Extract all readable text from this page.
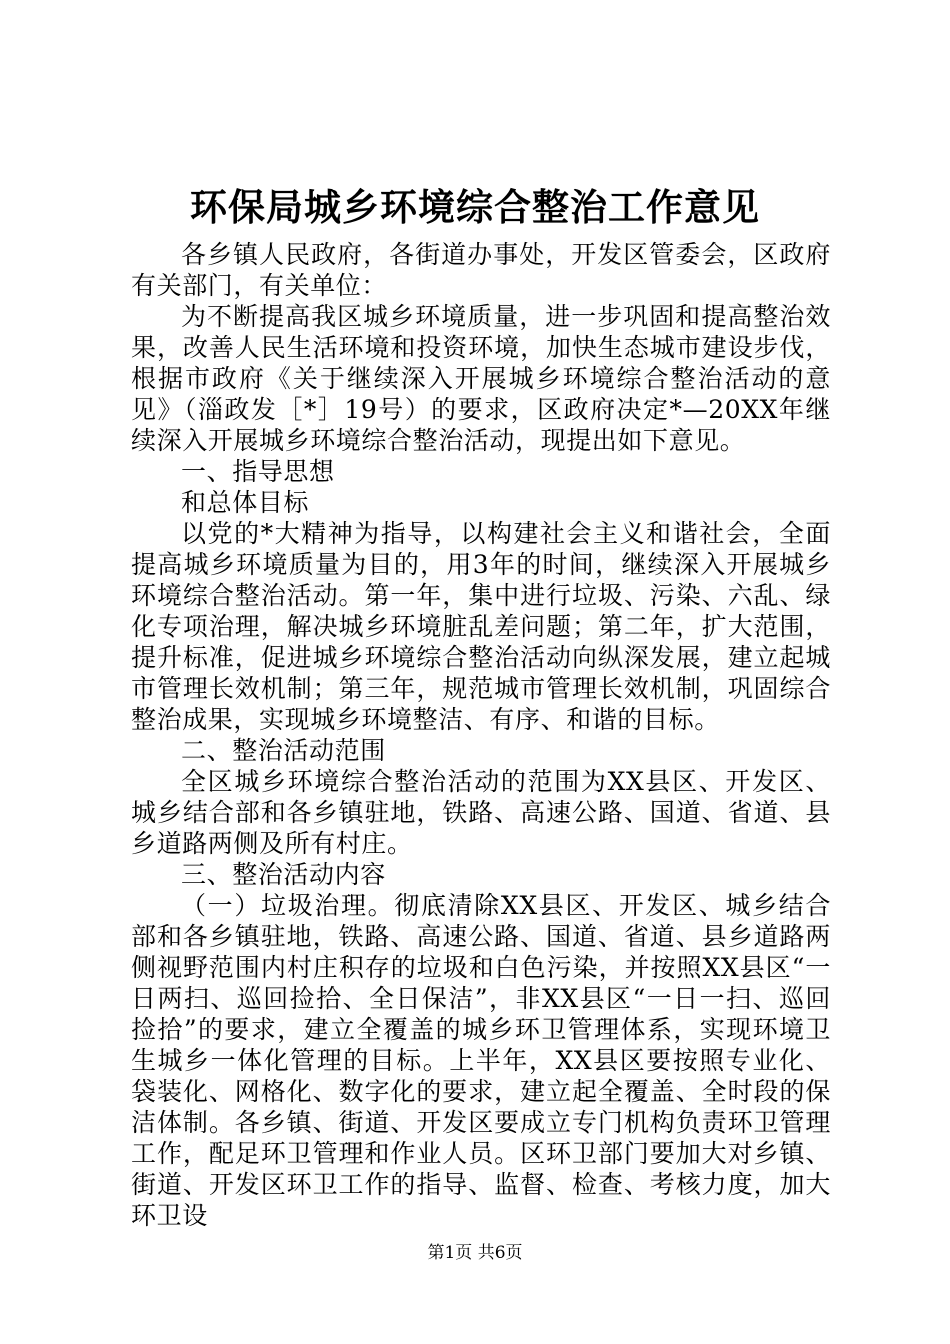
环保局城乡环境综合整治工作意见

各乡镇人民政府，各街道办事处，开发区管委会，区政府有关部门，有关单位：

为不断提高我区城乡环境质量，进一步巩固和提高整治效果，改善人民生活环境和投资环境，加快生态城市建设步伐，根据市政府《关于继续深入开展城乡环境综合整治活动的意见》（淄政发［*］19号）的要求，区政府决定*—20XX年继续深入开展城乡环境综合整治活动，现提出如下意见。

一、指导思想

和总体目标

以党的*大精神为指导，以构建社会主义和谐社会，全面提高城乡环境质量为目的，用3年的时间，继续深入开展城乡环境综合整治活动。第一年，集中进行垃圾、污染、六乱、绿化专项治理，解决城乡环境脏乱差问题；第二年，扩大范围，提升标准，促进城乡环境综合整治活动向纵深发展，建立起城市管理长效机制；第三年，规范城市管理长效机制，巩固综合整治成果，实现城乡环境整洁、有序、和谐的目标。

二、整治活动范围

全区城乡环境综合整治活动的范围为XX县区、开发区、城乡结合部和各乡镇驻地，铁路、高速公路、国道、省道、县乡道路两侧及所有村庄。

三、整治活动内容

（一）垃圾治理。彻底清除XX县区、开发区、城乡结合部和各乡镇驻地，铁路、高速公路、国道、省道、县乡道路两侧视野范围内村庄积存的垃圾和白色污染，并按照XX县区“一日两扫、巡回捡拾、全日保洁”，非XX县区“一日一扫、巡回捡拾”的要求，建立全覆盖的城乡环卫管理体系，实现环境卫生城乡一体化管理的目标。上半年，XX县区要按照专业化、袋装化、网格化、数字化的要求，建立起全覆盖、全时段的保洁体制。各乡镇、街道、开发区要成立专门机构负责环卫管理工作，配足环卫管理和作业人员。区环卫部门要加大对乡镇、街道、开发区环卫工作的指导、监督、检查、考核力度，加大环卫设

第1页 共6页
